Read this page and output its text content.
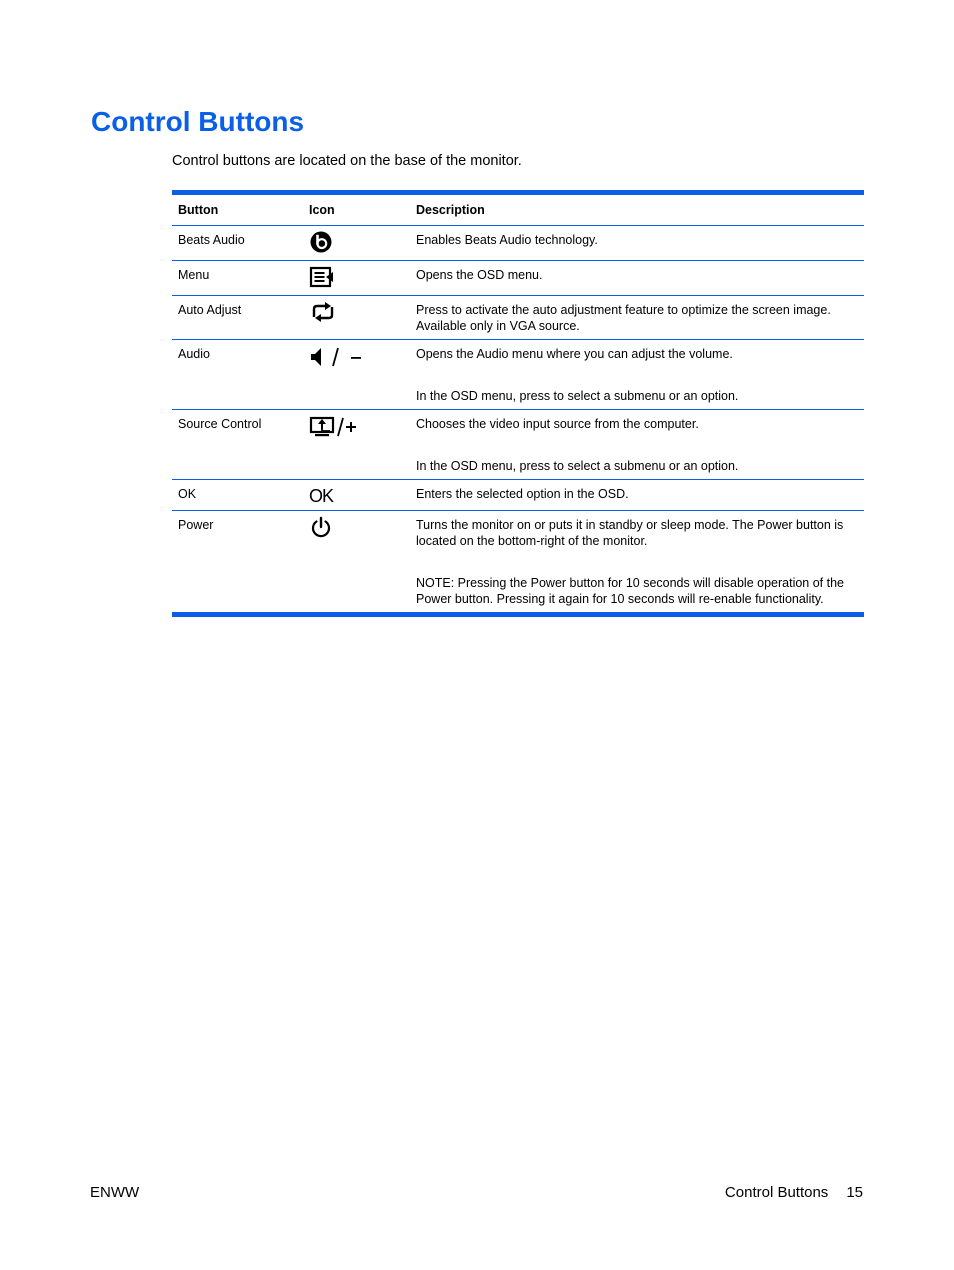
Control Buttons

Control buttons are located on the base of the monitor.

Button	Icon	Description
Beats Audio		Enables Beats Audio technology.

Menu		Opens the OSD menu.

Auto Adjust		Press to activate the auto adjustment feature to optimize the screen image. Available only in VGA source.

Audio		Opens the Audio menu where you can adjust the volume.
In the OSD menu, press to select a submenu or an option.

Source Control		Chooses the video input source from the computer.
In the OSD menu, press to select a submenu or an option.

OK	OK	Enters the selected option in the OSD.

Power		Turns the monitor on or puts it in standby or sleep mode. The Power button is located on the bottom-right of the monitor.
NOTE: Pressing the Power button for 10 seconds will disable operation of the Power button. Pressing it again for 10 seconds will re-enable functionality.

ENWW	Control Buttons 15
